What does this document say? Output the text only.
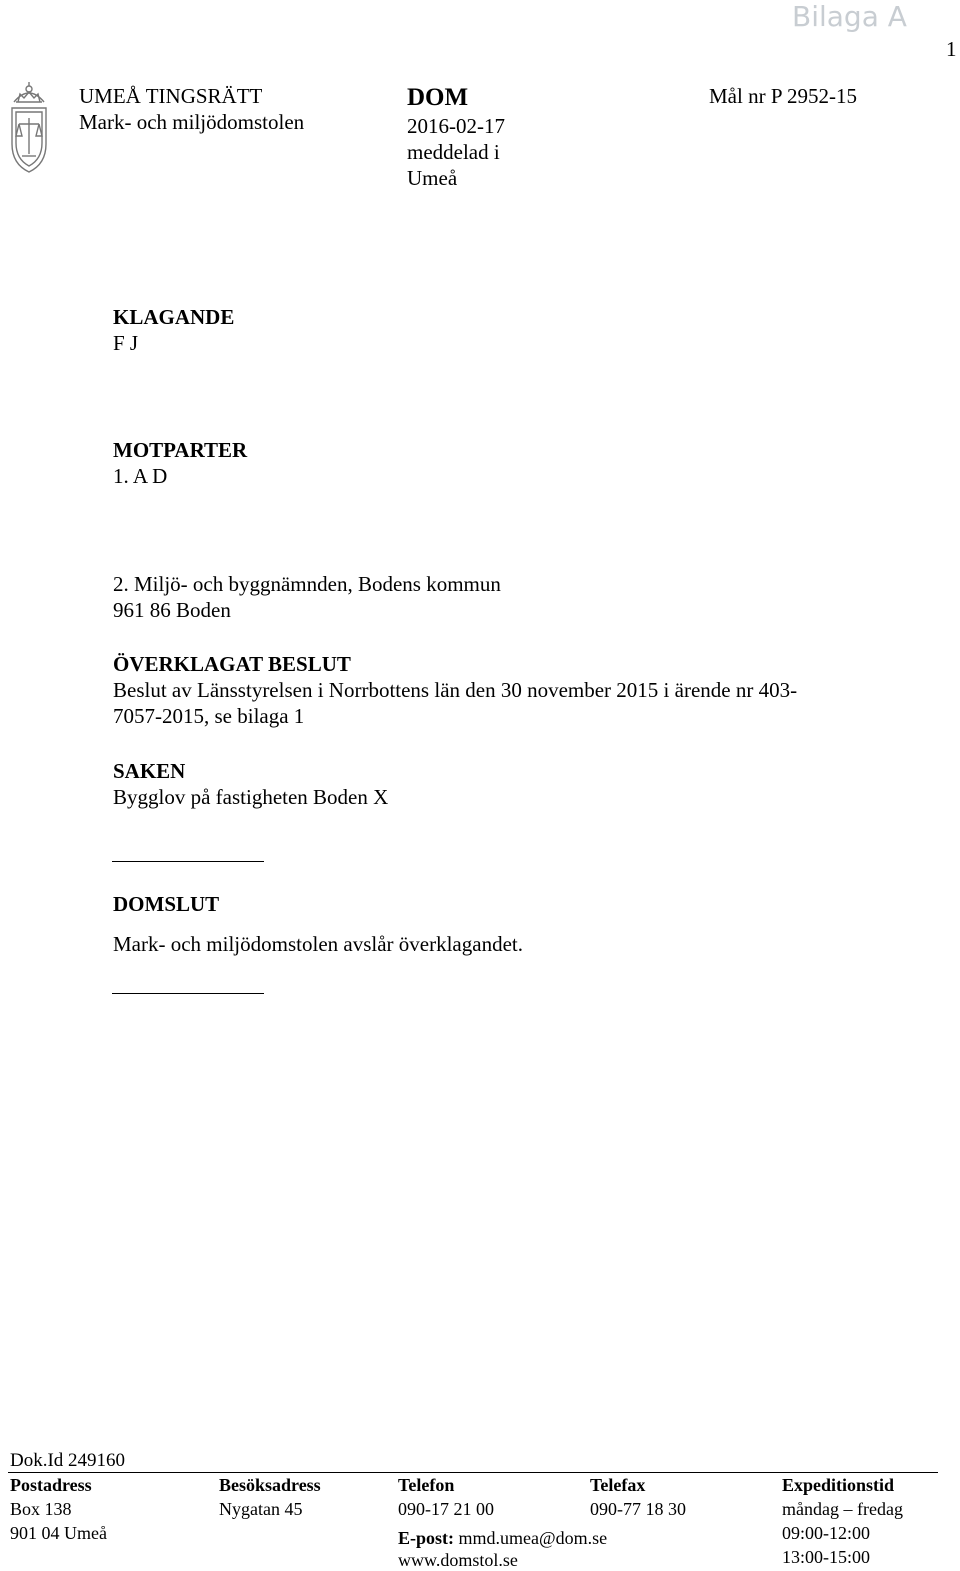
Bilaga A
1
UMEÅ TINGSRÄTT
Mark- och miljödomstolen
DOM
2016-02-17
meddelad i
Umeå
Mål nr P 2952-15
KLAGANDE
F J
MOTPARTER
1. A D
2. Miljö- och byggnämnden, Bodens kommun
961 86 Boden
ÖVERKLAGAT BESLUT
Beslut av Länsstyrelsen i Norrbottens län den 30 november 2015 i ärende nr 403-
7057-2015, se bilaga 1
SAKEN
Bygglov på fastigheten Boden X
DOMSLUT
Mark- och miljödomstolen avslår överklagandet.
Dok.Id 249160
Postadress
Box 138
901 04 Umeå
Besöksadress
Nygatan 45
Telefon
090-17 21 00
E-post: mmd.umea@dom.se
www.domstol.se
Telefax
090-77 18 30
Expeditionstid
måndag – fredag
09:00-12:00
13:00-15:00
